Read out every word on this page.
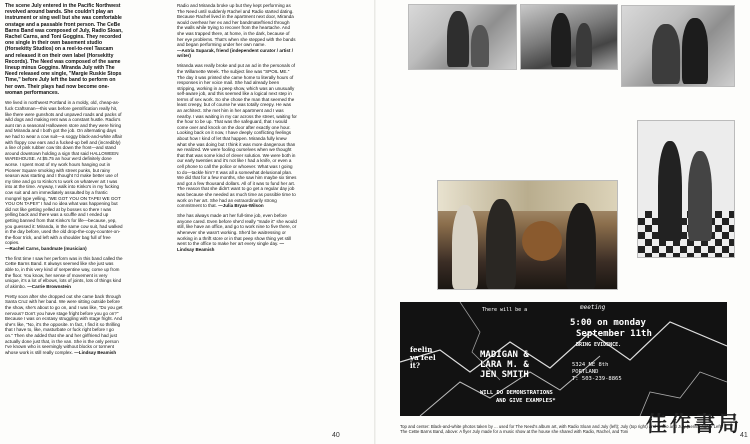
The scene July entered in the Pacific Northwest revolved around bands. She couldn't play an instrument or sing well but she was comfortable onstage and a passable front person. The CeBe Barns Band was composed of July, Radio Sloan, Rachel Carns, and Toni Goggins. They recorded one single in their own basement studio (Horsekitty Studios) on a reel-to-reel Tascam and released it on their own label (Horsekitty Records). The Need was composed of the same lineup minus Goggins. Miranda July with The Need released one single, "Margie Ruskie Stops Time," before July left the band to perform on her own. Their plays had now become one-woman performances.

We lived in northwest Portland in a moldy, old, cheap-as-fuck Craftsman—this was before gentrification really hit, like there were gunshots and unpaved roads and packs of wild dogs and making rent was a constant hustle. Radio's aunt ran a seasonal Halloween store and they were hiring and Miranda and I both got the job. On alternating days we had to wear a cow suit—a soggy black-and-white affair with floppy cow ears and a fucked-up bell and (incredibly) a line of pink rubber cow tits down the front—and stand around downtown holding a sign that said HALLOWEEN WAREHOUSE. At $5.75 an hour we'd definitely done worse. I spent most of my work hours hanging out in Pioneer Square smoking with street punks, but rainy season was starting and I thought I'd make better use of my time and go to Kinko's to work on whatever art I was into at the time. Anyway, I walk into Kinko's in my fucking cow suit and am immediately assaulted by a frantic mongrel type yelling, "WE GOT YOU ON TAPE! WE GOT YOU ON TAPE!!" I had no idea what was happening but did not like getting yelled at by bosses so there I was yelling back and there was a scuffle and I ended up getting banned from that Kinko's for life—because, yep, you guessed it: Miranda, in the same cow suit, had walked in the day before, used the old drop-the-copy-counter-on-the-floor trick, and left with a shoulder bag full of free copies.
—Rachel Carns, bandmate (musician)

The first time I saw her perform was in this band called the CeBe Barns Band. It always seemed like she just was able to, in this very kind of serpentine way, come up from the floor. You know, her sense of movement is very unique, it's a lot of elbows, lots of joints, lots of things kind of akimbo. —Carrie Brownstein

Pretty soon after she dropped out she came back through Santa Cruz with her band. We were sitting outside before the show, she's about to go on, and I was like, "Do you get nervous? Don't you have stage fright before you go on?" Because I was on ecstasy struggling with stage fright. And she's like, "No, it's the opposite. In fact, I find it so thrilling that I have to, like, masturbate or fuck right before I go on." Then she added that she and her girlfriend had just actually done just that, in the van. She is the only person I've known who is seemingly without blocks or torment whose work is still really complex. —Lindsay Beamish

Radio and Miranda broke up but they kept performing as The Need until suddenly Rachel and Radio started dating. Because Rachel lived in the apartment next door, Miranda would overhear her ex and her bandmate/friend through the walls while trying to recover from the heartache. And she was trapped there, at home, in the dark, because of her eye problems. That's when she stepped with the bands and began performing under her own name.
—Astria Suparak, friend (independent curator / artist / writer)

Miranda was really broke and put an ad in the personals of the Willamette Week. The subject line was "SPOIL ME." The day it was printed she came home to literally hours of responses in her voice mail. She had already been stripping, working in a peep show, which was an unusually self-aware job, and this seemed like a logical next step in terms of sex work. So she chose the man that seemed the least creepy, but of course he was totally creepy. He was an architect. She met him in her apartment and I was nearby. I was waiting in my car across the street, waiting for the hour to be up. That was the safeguard, that I would come over and knock on the door after exactly one hour. Looking back on it now, I have deeply conflicting feelings about how I kind of let that happen. Miranda fully knew what she was doing but I think it was more dangerous than we realized. We were fooling ourselves when we thought that that was some kind of clever solution. We were both in our early twenties and it's not like I had a knife, or even a cell phone to call the police or whoever. What was I going to do—tackle him? It was all a somewhat delusional plan. We did that for a few months, she saw him maybe six times and got a few thousand dollars. All of it was to fund her art. The reason that she didn't want to go get a regular day job was because she needed as much time as possible time to work on her art. She had an extraordinarily strong commitment to that. —Julia Bryan-Wilson

She has always made art her full-time job, even before anyone cared. Even before she'd really "made it" she would still, like have an office, and go to work nine to five there, or whenever she wasn't working. She'd be waitressing or working in a thrift store or in that peep show thing yet still went to the office to make her art every single day. —Lindsay Beamish

40
There will be a	meeting
5:00 on monday
September 11th
BRING EVIDENCE.
MADIGAN &
LARA M. &
JEN SMITH
5324 NE 8th
PORTLAND
T: 503-239-8865
WILL DO DEMONSTRATIONS
AND GIVE EXAMPLES*
feelin
ya feel
it?
Top and center: Black-and-white photos taken by ... used for The Need's album art, with Radio Sloan and July (left); July (top right) and Radio and July (center right). Left: The CeBe Barns Band, above: A flyer July made for a music show at the house she shared with Radio, Rachel, and Toni
41
佳作書局
